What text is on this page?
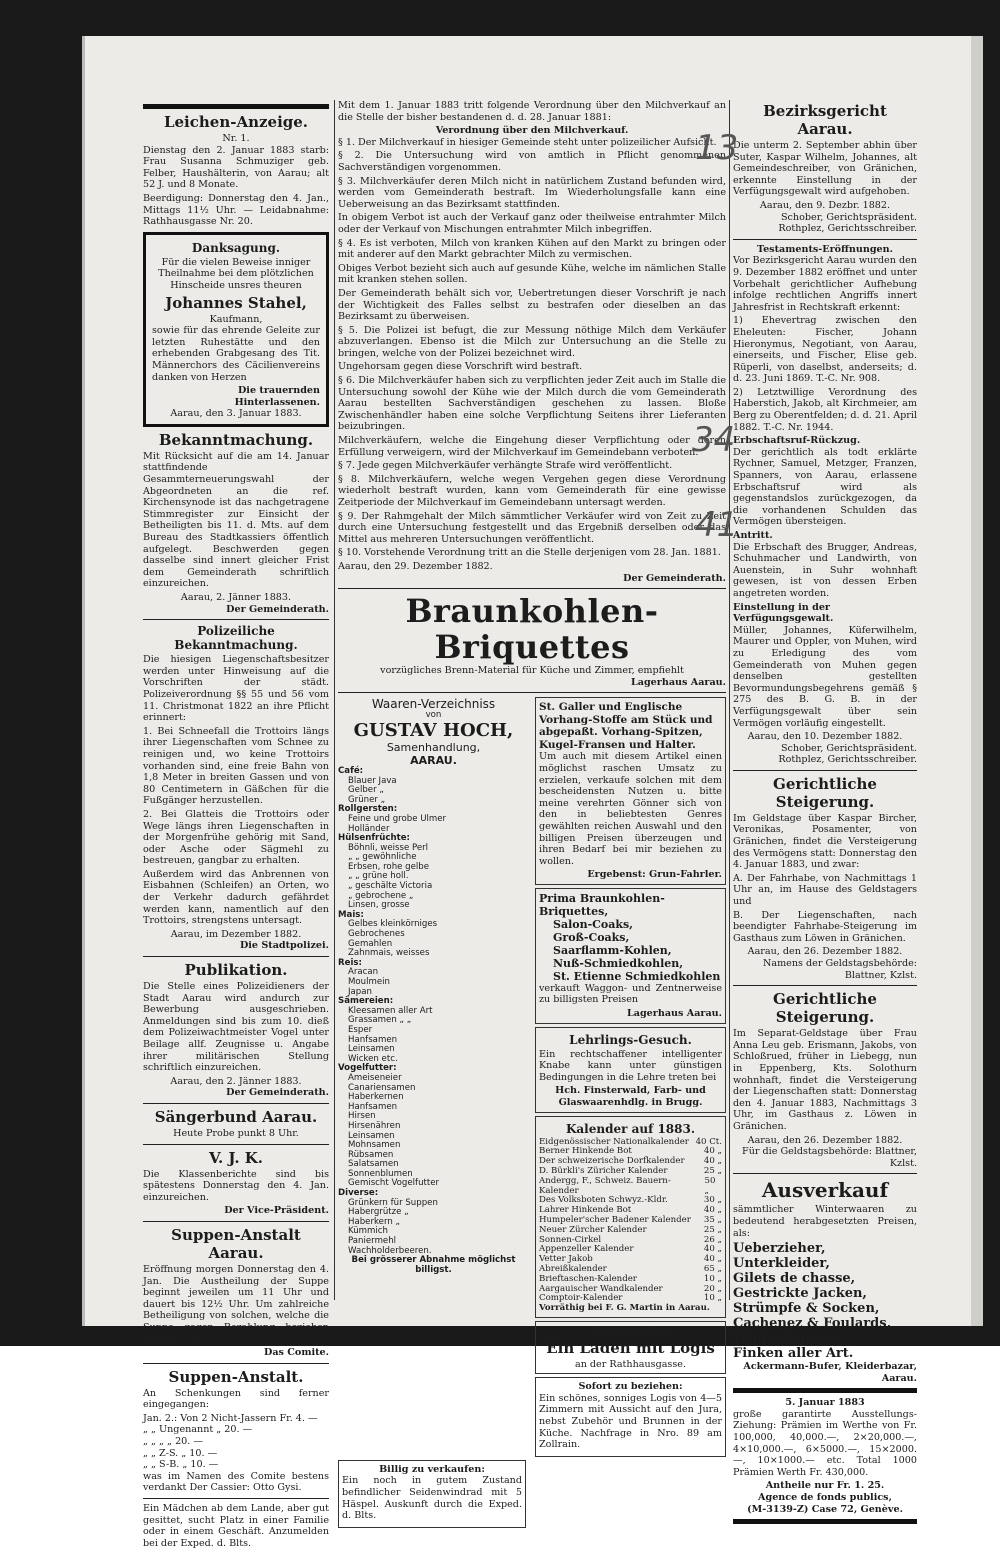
Leichen-Anzeige.
Nr. 1.
Dienstag den 2. Januar 1883 starb: Frau Susanna Schmuziger geb. Felber, Haushälterin, von Aarau; alt 52 J. und 8 Monate.
Beerdigung: Donnerstag den 4. Jan., Mittags 11½ Uhr. — Leidabnahme: Rathhausgasse Nr. 20.
Danksagung.
Für die vielen Beweise inniger Theilnahme bei dem plötzlichen Hinscheide unsres theuren
Johannes Stahel,
Kaufmann,
sowie für das ehrende Geleite zur letzten Ruhestätte und den erhebenden Grabgesang des Tit. Männerchors des Cäcilienvereins danken von Herzen
Die trauernden Hinterlassenen.
Aarau, den 3. Januar 1883.
Bekanntmachung.
Mit Rücksicht auf die am 14. Januar stattfindende Gesammterneuerungswahl der Abgeordneten an die ref. Kirchensynode ist das nachgetragene Stimmregister zur Einsicht der Betheiligten bis 11. d. Mts. auf dem Bureau des Stadtkassiers öffentlich aufgelegt. Beschwerden gegen dasselbe sind innert gleicher Frist dem Gemeinderath schriftlich einzureichen.
Aarau, 2. Jänner 1883.
Der Gemeinderath.
Polizeiliche Bekanntmachung.
Die hiesigen Liegenschaftsbesitzer werden unter Hinweisung auf die Vorschriften der städt. Polizeiverordnung §§ 55 und 56 vom 11. Christmonat 1822 an ihre Pflicht erinnert:
1. Bei Schneefall die Trottoirs längs ihrer Liegenschaften vom Schnee zu reinigen und, wo keine Trottoirs vorhanden sind, eine freie Bahn von 1,8 Meter in breiten Gassen und von 80 Centimetern in Gäßchen für die Fußgänger herzustellen.
2. Bei Glatteis die Trottoirs oder Wege längs ihren Liegenschaften in der Morgenfrühe gehörig mit Sand, oder Asche oder Sägmehl zu bestreuen, gangbar zu erhalten.
Außerdem wird das Anbrennen von Eisbahnen (Schleifen) an Orten, wo der Verkehr dadurch gefährdet werden kann, namentlich auf den Trottoirs, strengstens untersagt.
Aarau, im Dezember 1882.
Die Stadtpolizei.
Publikation.
Die Stelle eines Polizeidieners der Stadt Aarau wird andurch zur Bewerbung ausgeschrieben. Anmeldungen sind bis zum 10. dieß dem Polizeiwachtmeister Vogel unter Beilage allf. Zeugnisse u. Angabe ihrer militärischen Stellung schriftlich einzureichen.
Aarau, den 2. Jänner 1883.
Der Gemeinderath.
Sängerbund Aarau.
Heute Probe punkt 8 Uhr.
V. J. K.
Die Klassenberichte sind bis spätestens Donnerstag den 4. Jan. einzureichen.
Der Vice-Präsident.
Suppen-Anstalt Aarau.
Eröffnung morgen Donnerstag den 4. Jan. Die Austheilung der Suppe beginnt jeweilen um 11 Uhr und dauert bis 12½ Uhr. Um zahlreiche Betheiligung von solchen, welche die Suppe gegen Bezahlung beziehen wollen, bittet
Das Comite.
Suppen-Anstalt.
An Schenkungen sind ferner eingegangen:
Jan. 2.: Von 2 Nicht-Jassern Fr. 4. —
„ „ Ungenannt „ 20. —
„ „ „ „ 20. —
„ „ Z-S. „ 10. —
„ „ S-B. „ 10. —
was im Namen des Comite bestens verdankt Der Cassier: Otto Gysi.
Ein Mädchen ab dem Lande, aber gut gesittet, sucht Platz in einer Familie oder in einem Geschäft. Anzumelden bei der Exped. d. Blts.
Mit dem 1. Januar 1883 tritt folgende Verordnung über den Milchverkauf an die Stelle der bisher bestandenen d. d. 28. Januar 1881:
Verordnung über den Milchverkauf.
§ 1. Der Milchverkauf in hiesiger Gemeinde steht unter polizeilicher Aufsicht.
§ 2. Die Untersuchung wird von amtlich in Pflicht genommenen Sachverständigen vorgenommen.
§ 3. Milchverkäufer deren Milch nicht in natürlichem Zustand befunden wird, werden vom Gemeinderath bestraft. Im Wiederholungsfalle kann eine Ueberweisung an das Bezirksamt stattfinden.
In obigem Verbot ist auch der Verkauf ganz oder theilweise entrahmter Milch oder der Verkauf von Mischungen entrahmter Milch inbegriffen.
§ 4. Es ist verboten, Milch von kranken Kühen auf den Markt zu bringen oder mit anderer auf den Markt gebrachter Milch zu vermischen.
Obiges Verbot bezieht sich auch auf gesunde Kühe, welche im nämlichen Stalle mit kranken stehen sollen.
Der Gemeinderath behält sich vor, Uebertretungen dieser Vorschrift je nach der Wichtigkeit des Falles selbst zu bestrafen oder dieselben an das Bezirksamt zu überweisen.
§ 5. Die Polizei ist befugt, die zur Messung nöthige Milch dem Verkäufer abzuverlangen. Ebenso ist die Milch zur Untersuchung an die Stelle zu bringen, welche von der Polizei bezeichnet wird.
Ungehorsam gegen diese Vorschrift wird bestraft.
§ 6. Die Milchverkäufer haben sich zu verpflichten jeder Zeit auch im Stalle die Untersuchung sowohl der Kühe wie der Milch durch die vom Gemeinderath Aarau bestellten Sachverständigen geschehen zu lassen. Bloße Zwischenhändler haben eine solche Verpflichtung Seitens ihrer Lieferanten beizubringen.
Milchverkäufern, welche die Eingehung dieser Verpflichtung oder deren Erfüllung verweigern, wird der Milchverkauf im Gemeindebann verboten.
§ 7. Jede gegen Milchverkäufer verhängte Strafe wird veröffentlicht.
§ 8. Milchverkäufern, welche wegen Vergehen gegen diese Verordnung wiederholt bestraft wurden, kann vom Gemeinderath für eine gewisse Zeitperiode der Milchverkauf im Gemeindebann untersagt werden.
§ 9. Der Rahmgehalt der Milch sämmtlicher Verkäufer wird von Zeit zu Zeit durch eine Untersuchung festgestellt und das Ergebniß derselben oder das Mittel aus mehreren Untersuchungen veröffentlicht.
§ 10. Vorstehende Verordnung tritt an die Stelle derjenigen vom 28. Jan. 1881.
Aarau, den 29. Dezember 1882.
Der Gemeinderath.
Braunkohlen-Briquettes
vorzügliches Brenn-Material für Küche und Zimmer, empfiehlt
Lagerhaus Aarau.
Waaren-Verzeichniss
von
GUSTAV HOCH,
Samenhandlung,
AARAU.
Café:
Blauer Java
Gelber „
Grüner „
Rollgersten:
Feine und grobe Ulmer
Holländer
Hülsenfrüchte:
Böhnli, weisse Perl
„ „ gewöhnliche
Erbsen, rohe gelbe
„ „ grüne holl.
„ geschälte Victoria
„ gebrochene „
Linsen, grosse
Mais:
Gelbes kleinkörniges
Gebrochenes
Gemahlen
Zahnmais, weisses
Reis:
Aracan
Moulmein
Japan
Sämereien:
Kleesamen aller Art
Grassamen „ „
Esper
Hanfsamen
Leinsamen
Wicken etc.
Vogelfutter:
Ameiseneier
Canariensamen
Haberkernen
Hanfsamen
Hirsen
Hirsenähren
Leinsamen
Mohnsamen
Rübsamen
Salatsamen
Sonnenblumen
Gemischt Vogelfutter
Diverse:
Grünkern für Suppen
Habergrütze „
Haberkern „
Kümmich
Paniermehl
Wachholderbeeren.
Bei grösserer Abnahme möglichst billigst.
St. Galler und Englische Vorhang-Stoffe am Stück und abgepaßt. Vorhang-Spitzen, Kugel-Fransen und Halter.
Um auch mit diesem Artikel einen möglichst raschen Umsatz zu erzielen, verkaufe solchen mit dem bescheidensten Nutzen u. bitte meine verehrten Gönner sich von den in beliebtesten Genres gewählten reichen Auswahl und den billigen Preisen überzeugen und ihren Bedarf bei mir beziehen zu wollen.
Ergebenst: Grun-Fahrler.
Prima Braunkohlen-Briquettes,
Salon-Coaks,
Groß-Coaks,
Saarflamm-Kohlen,
Nuß-Schmiedkohlen,
St. Etienne Schmiedkohlen
verkauft Waggon- und Zentnerweise zu billigsten Preisen
Lagerhaus Aarau.
Lehrlings-Gesuch.
Ein rechtschaffener intelligenter Knabe kann unter günstigen Bedingungen in die Lehre treten bei
Hch. Finsterwald, Farb- und Glaswaarenhdlg. in Brugg.
Kalender auf 1883.
Eidgenössischer Nationalkalender 40 Ct.
Berner Hinkende Bot	40 „
Der schweizerische Dorfkalender 40 „
D. Bürkli's Züricher Kalender	25 „
Andergg, F., Schweiz. Bauern-Kalender
50 „
Des Volksboten Schwyz.-Kldr.	30 „
Lahrer Hinkende Bot	40 „
Humpeler'scher Badener Kalender 35 „
Neuer Zürcher Kalender	25 „
Sonnen-Cirkel	26 „
Appenzeller Kalender	40 „
Vetter Jakob	40 „
Abreißkalender	65 „
Brieftaschen-Kalender	10 „
Aargauischer Wandkalender	20 „
Comptoir-Kalender	10 „
Vorräthig bei F. G. Martin in Aarau.
Zu vermiethen:
Ein Laden mit Logis
an der Rathhausgasse.
Sofort zu beziehen:
Ein schönes, sonniges Logis von 4—5 Zimmern mit Aussicht auf den Jura, nebst Zubehör und Brunnen in der Küche. Nachfrage in Nro. 89 am Zollrain.
Billig zu verkaufen:
Ein noch in gutem Zustand befindlicher Seidenwindrad mit 5 Häspel. Auskunft durch die Exped. d. Blts.
Bezirksgericht Aarau.
Die unterm 2. September abhin über Suter, Kaspar Wilhelm, Johannes, alt Gemeindeschreiber, von Gränichen, erkennte Einstellung in der Verfügungsgewalt wird aufgehoben.
Aarau, den 9. Dezbr. 1882.
Schober, Gerichtspräsident. Rothplez, Gerichtsschreiber.
Testaments-Eröffnungen.
Vor Bezirksgericht Aarau wurden den 9. Dezember 1882 eröffnet und unter Vorbehalt gerichtlicher Aufhebung infolge rechtlichen Angriffs innert Jahresfrist in Rechtskraft erkennt:
1) Ehevertrag zwischen den Eheleuten: Fischer, Johann Hieronymus, Negotiant, von Aarau, einerseits, und Fischer, Elise geb. Rüperli, von daselbst, anderseits; d. d. 23. Juni 1869. T.-C. Nr. 908.
2) Letztwillige Verordnung des Haberstich, Jakob, alt Kirchmeier, am Berg zu Oberentfelden; d. d. 21. April 1882. T.-C. Nr. 1944.
Erbschaftsruf-Rückzug.
Der gerichtlich als todt erklärte Rychner, Samuel, Metzger, Franzen, Spanners, von Aarau, erlassene Erbschaftsruf wird als gegenstandslos zurückgezogen, da die vorhandenen Schulden das Vermögen übersteigen.
Antritt.
Die Erbschaft des Brugger, Andreas, Schuhmacher und Landwirth, von Auenstein, in Suhr wohnhaft gewesen, ist von dessen Erben angetreten worden.
Einstellung in der Verfügungsgewalt.
Müller, Johannes, Küferwilhelm, Maurer und Oppler, von Muhen, wird zu Erledigung des vom Gemeinderath von Muhen gegen denselben gestellten Bevormundungsbegehrens gemäß § 275 des B. G. B. in der Verfügungsgewalt über sein Vermögen vorläufig eingestellt.
Aarau, den 10. Dezember 1882.
Schober, Gerichtspräsident. Rothplez, Gerichtsschreiber.
Gerichtliche Steigerung.
Im Geldstage über Kaspar Bircher, Veronikas, Posamenter, von Gränichen, findet die Versteigerung des Vermögens statt: Donnerstag den 4. Januar 1883, und zwar:
A. Der Fahrhabe, von Nachmittags 1 Uhr an, im Hause des Geldstagers und
B. Der Liegenschaften, nach beendigter Fahrhabe-Steigerung im Gasthaus zum Löwen in Gränichen.
Aarau, den 26. Dezember 1882.
Namens der Geldstagsbehörde: Blattner, Kzlst.
Gerichtliche Steigerung.
Im Separat-Geldstage über Frau Anna Leu geb. Erismann, Jakobs, von Schloßrued, früher in Liebegg, nun in Eppenberg, Kts. Solothurn wohnhaft, findet die Versteigerung der Liegenschaften statt: Donnerstag den 4. Januar 1883, Nachmittags 3 Uhr, im Gasthaus z. Löwen in Gränichen.
Aarau, den 26. Dezember 1882.
Für die Geldstagsbehörde: Blattner, Kzlst.
Ausverkauf
sämmtlicher Winterwaaren zu bedeutend herabgesetzten Preisen, als:
Ueberzieher,
Unterkleider,
Gilets de chasse,
Gestrickte Jacken,
Strümpfe & Socken,
Cachenez & Foulards,
Winterkappen,
Finken aller Art.
Ackermann-Bufer, Kleiderbazar, Aarau.
5. Januar 1883
große garantirte Ausstellungs-Ziehung: Prämien im Werthe von Fr. 100,000, 40,000.—, 2×20,000.—, 4×10,000.—, 6×5000.—, 15×2000.—, 10×1000.— etc. Total 1000 Prämien Werth Fr. 430,000.
Antheile nur Fr. 1. 25.
Agence de fonds publics,
(M-3139-Z) Case 72, Genève.
13
34
41
